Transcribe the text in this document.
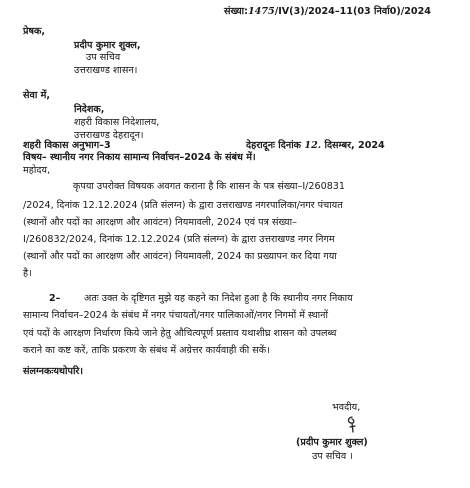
संख्या:1475/IV(3)/2024–11(03 निर्वा0)/2024
प्रेषक,
प्रदीप कुमार शुक्ल,
उप सचिव
उत्तराखण्ड शासन।
सेवा में,
निदेशक,
शहरी विकास निदेशालय,
उत्तराखण्ड देहरादून।
शहरी विकास अनुभाग–3	देहरादूनः दिनांक 12. दिसम्बर, 2024
विषय– स्थानीय नगर निकाय सामान्य निर्वाचन–2024 के संबंध में।
महोदय,
कृपया उपरोक्त विषयक अवगत कराना है कि शासन के पत्र संख्या–I/260831
/2024, दिनांक 12.12.2024 (प्रति संलग्न) के द्वारा उत्तराखण्ड नगरपालिका/नगर पंचायत
(स्थानों और पदों का आरक्षण और आवंटन) नियमावली, 2024 एवं पत्र संख्या–
I/260832/2024, दिनांक 12.12.2024 (प्रति संलग्न) के द्वारा उत्तराखण्ड नगर निगम
(स्थानों और पदों का आरक्षण और आवंटन) नियमावली, 2024 का प्रख्यापन कर दिया गया
है।
2– अतः उक्त के दृष्टिगत मुझे यह कहने का निदेश हुआ है कि स्थानीय नगर निकाय
सामान्य निर्वाचन–2024 के संबंध में नगर पंचायतों/नगर पालिकाओं/नगर निगमों में स्थानों
एवं पदों के आरक्षण निर्धारण किये जाने हेतु औचित्यपूर्ण प्रस्ताव यथाशीघ्र शासन को उपलब्ध
कराने का कष्ट करें, ताकि प्रकरण के संबंध में अग्रेत्तर कार्यवाही की सकें।
संलग्नकःयथोपरि।
भवदीय,
(प्रदीप कुमार शुक्ल)
उप सचिव ।
